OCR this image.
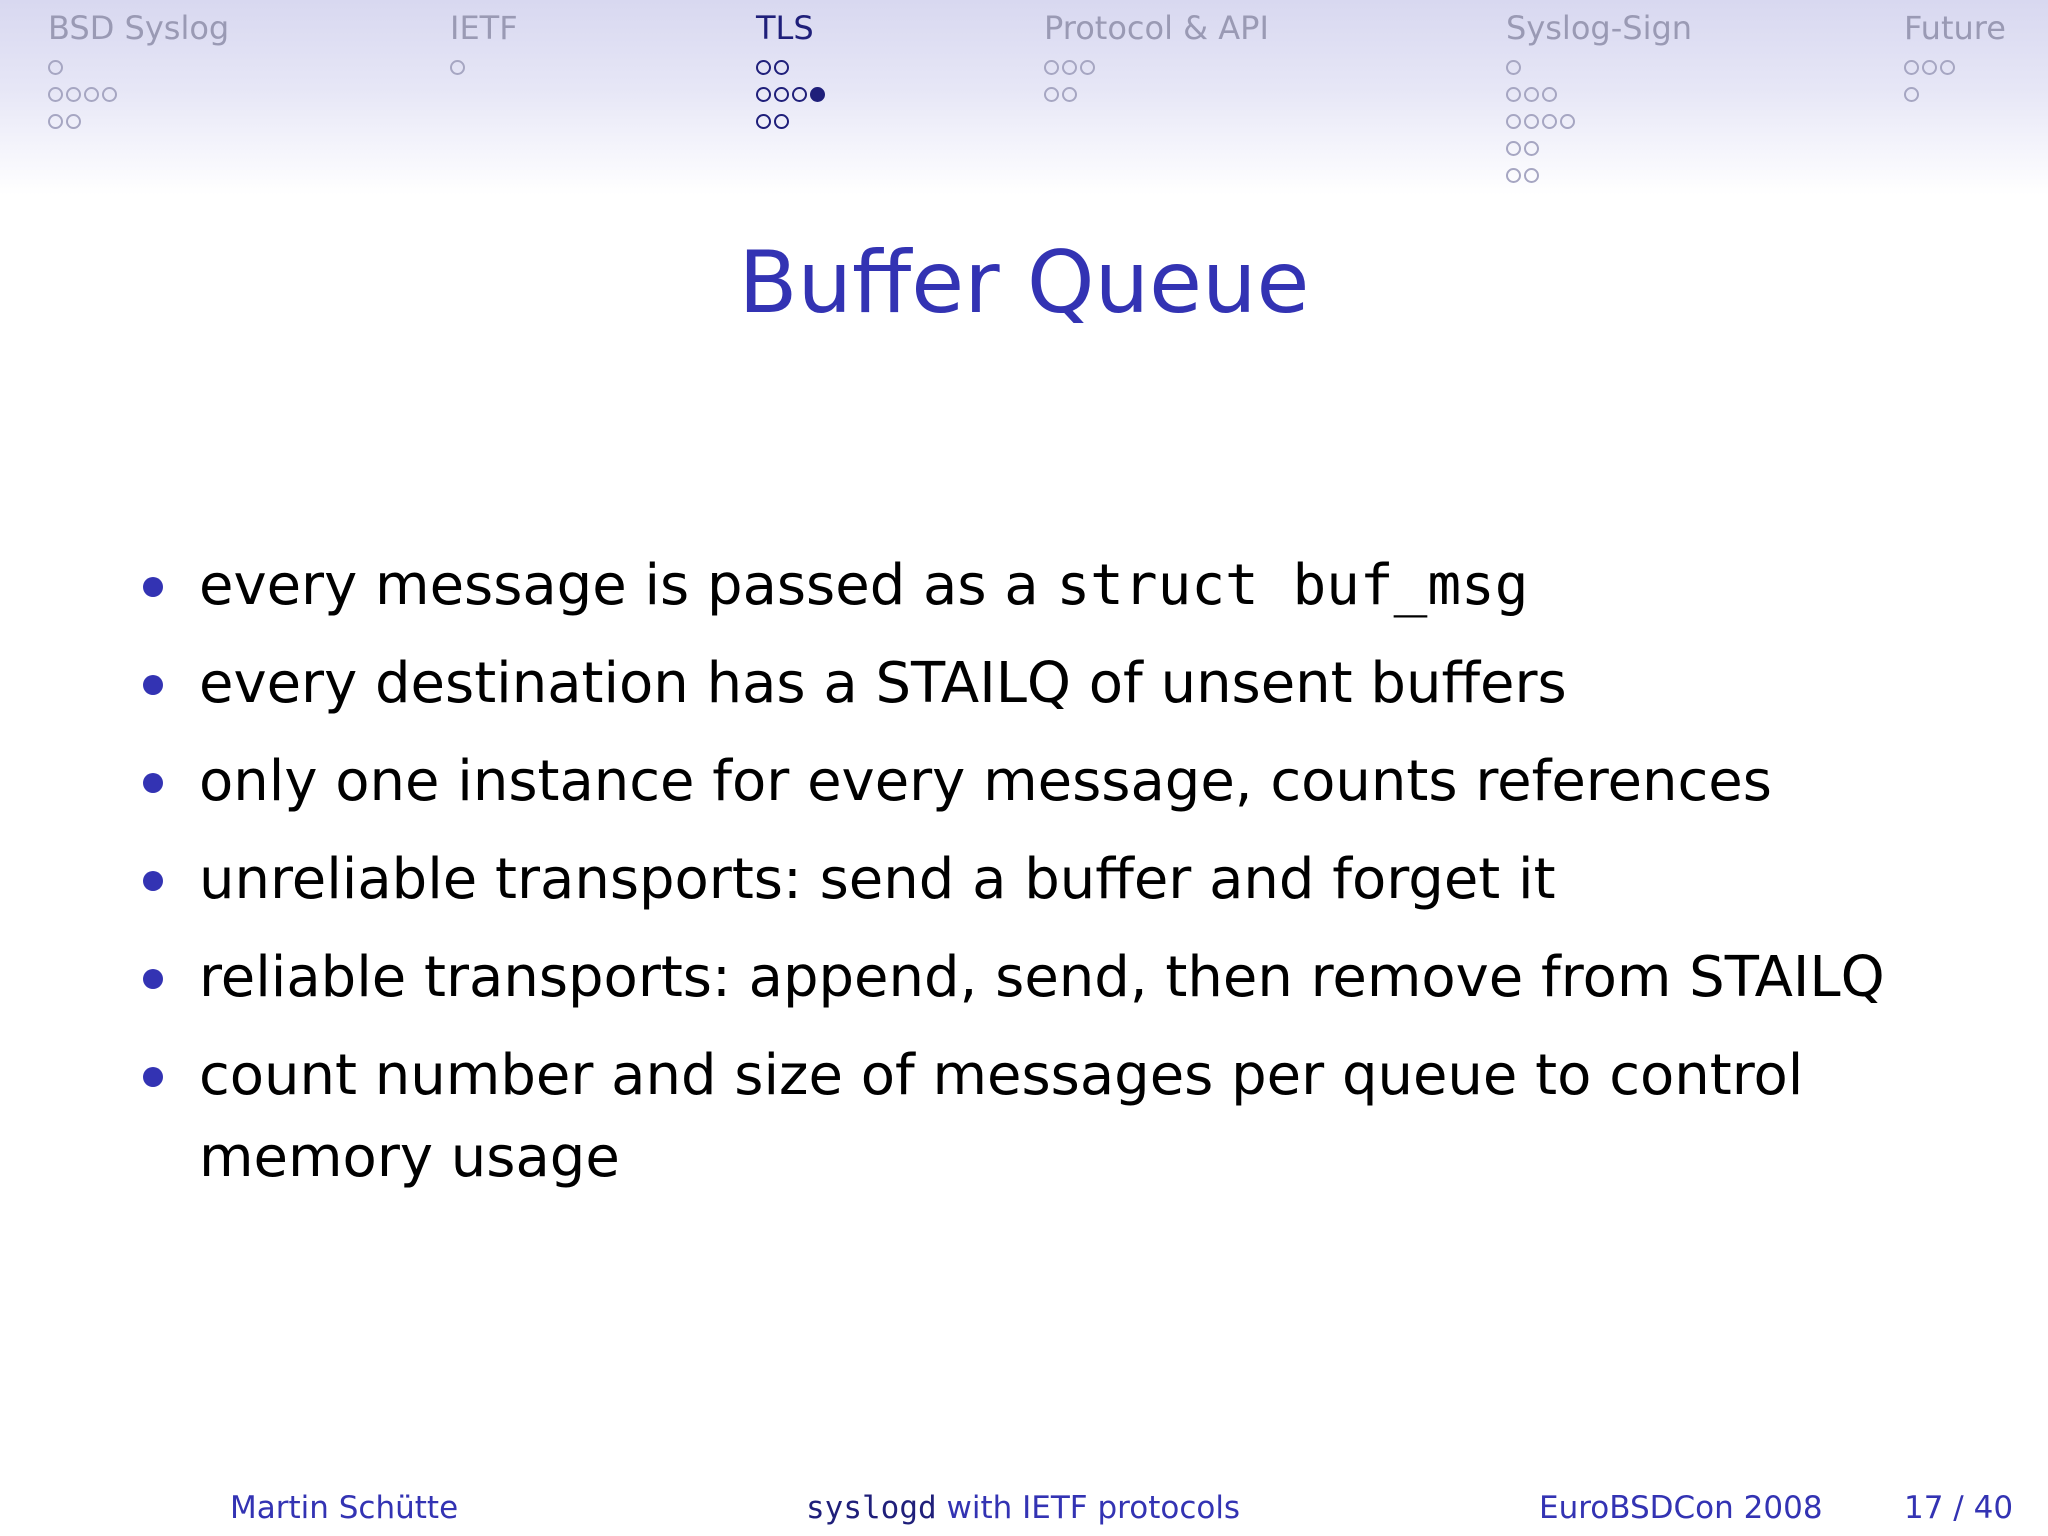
BSD Syslog	IETF	TLS	Protocol & API	Syslog-Sign	Future
Buffer Queue
every message is passed as a struct buf_msg
every destination has a STAILQ of unsent buffers
only one instance for every message, counts references
unreliable transports: send a buffer and forget it
reliable transports: append, send, then remove from STAILQ
count number and size of messages per queue to control memory usage
Martin Schütte	syslogd with IETF protocols	EuroBSDCon 2008	17 / 40
